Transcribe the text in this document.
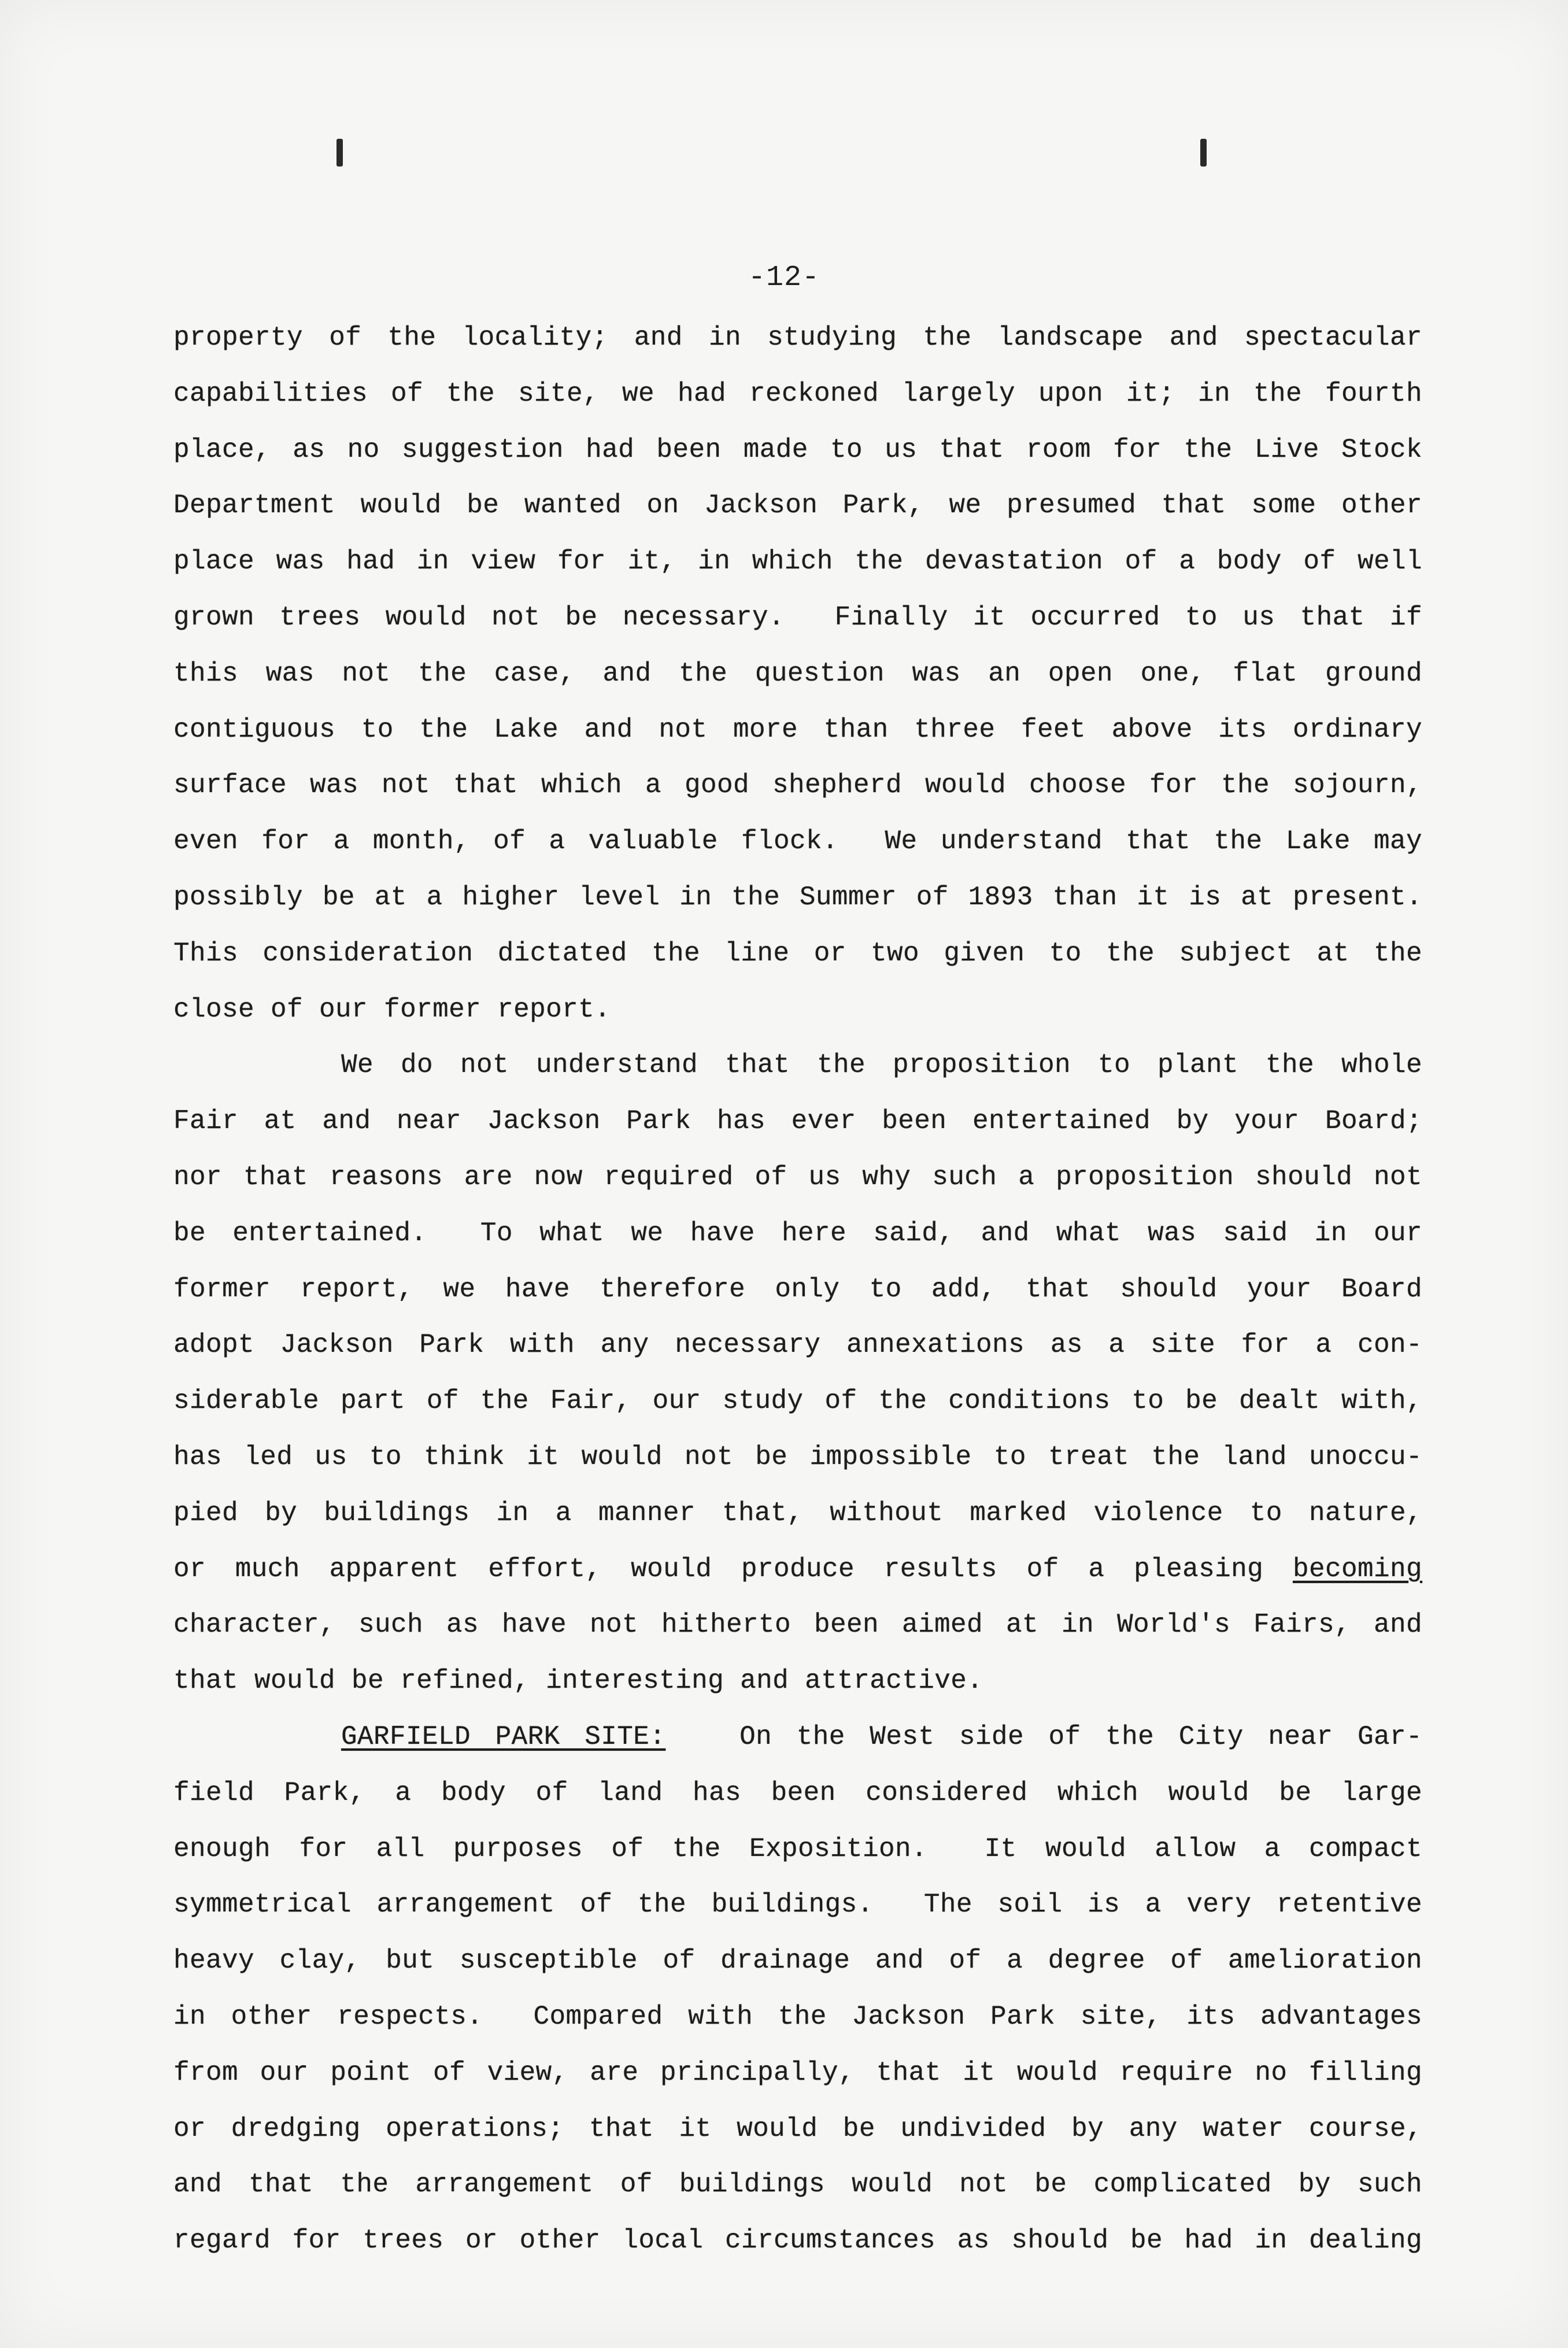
-12-
property of the locality; and in studying the landscape and spectacular
capabilities of the site, we had reckoned largely upon it; in the fourth
place, as no suggestion had been made to us that room for the Live Stock
Department would be wanted on Jackson Park, we presumed that some other
place was had in view for it, in which the devastation of a body of well
grown trees would not be necessary.  Finally it occurred to us that if
this was not the case, and the question was an open one, flat ground
contiguous to the Lake and not more than three feet above its ordinary
surface was not that which a good shepherd would choose for the sojourn,
even for a month, of a valuable flock.  We understand that the Lake may
possibly be at a higher level in the Summer of 1893 than it is at present.
This consideration dictated the line or two given to the subject at the
close of our former report.
We do not understand that the proposition to plant the whole
Fair at and near Jackson Park has ever been entertained by your Board;
nor that reasons are now required of us why such a proposition should not
be entertained.  To what we have here said, and what was said in our
former report, we have therefore only to add, that should your Board
adopt Jackson Park with any necessary annexations as a site for a con-
siderable part of the Fair, our study of the conditions to be dealt with,
has led us to think it would not be impossible to treat the land unoccu-
pied by buildings in a manner that, without marked violence to nature,
or much apparent effort, would produce results of a pleasing becoming
character, such as have not hitherto been aimed at in World's Fairs, and
that would be refined, interesting and attractive.
GARFIELD PARK SITE:	On the West side of the City near Gar-
field Park, a body of land has been considered which would be large
enough for all purposes of the Exposition.  It would allow a compact
symmetrical arrangement of the buildings.  The soil is a very retentive
heavy clay, but susceptible of drainage and of a degree of amelioration
in other respects.  Compared with the Jackson Park site, its advantages
from our point of view, are principally, that it would require no filling
or dredging operations; that it would be undivided by any water course,
and that the arrangement of buildings would not be complicated by such
regard for trees or other local circumstances as should be had in dealing
